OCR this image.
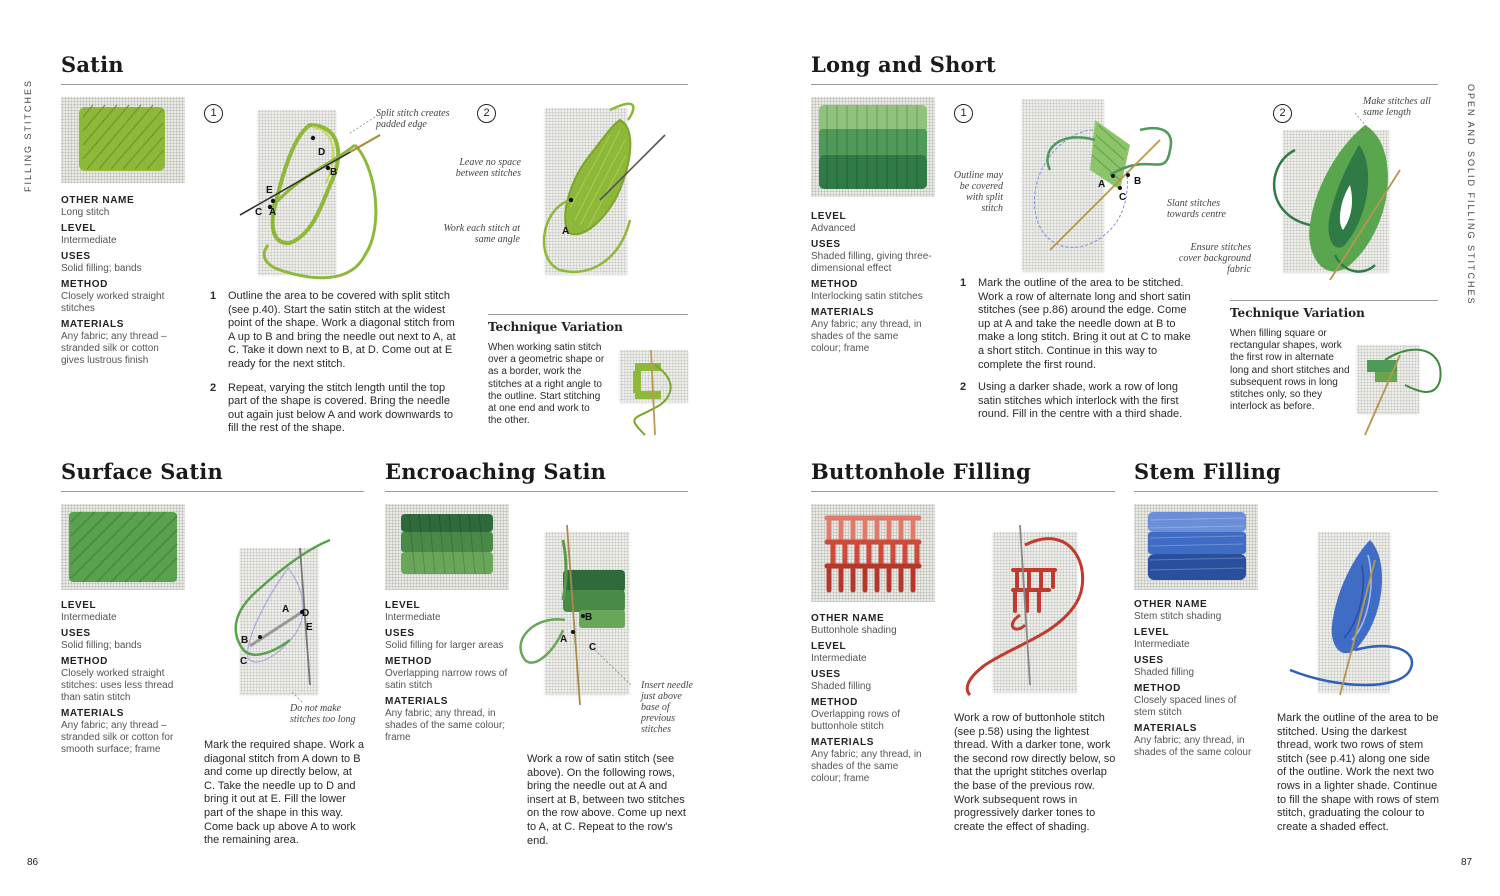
FILLING STITCHES	OPEN AND SOLID FILLING STITCHES
86	87
Satin
OTHER NAME
Long stitch
LEVEL
Intermediate
USES
Solid filling; bands
METHOD
Closely worked straight stitches
MATERIALS
Any fabric; any thread – stranded silk or cotton gives lustrous finish
1
B
D
E
C A
Split stitch creates padded edge
2
A
Leave no space between stitches
Work each stitch at same angle
1	Outline the area to be covered with split stitch (see p.40). Start the satin stitch at the widest point of the shape. Work a diagonal stitch from A up to B and bring the needle out next to A, at C. Take it down next to B, at D. Come out at E ready for the next stitch.
2	Repeat, varying the stitch length until the top part of the shape is covered. Bring the needle out again just below A and work downwards to fill the rest of the shape.
Technique Variation
When working satin stitch over a geometric shape or as a border, work the stitches at a right angle to the outline. Start stitching at one end and work to the other.
Surface Satin
LEVEL
Intermediate
USES
Solid filling; bands
METHOD
Closely worked straight stitches: uses less thread than satin stitch
MATERIALS
Any fabric; any thread – stranded silk or cotton for smooth surface; frame
A D
E
B
C
Do not make stitches too long
Mark the required shape. Work a diagonal stitch from A down to B and come up directly below, at C. Take the needle up to D and bring it out at E. Fill the lower part of the shape in this way. Come back up above A to work the remaining area.
Encroaching Satin
LEVEL
Intermediate
USES
Solid filling for larger areas
METHOD
Overlapping narrow rows of satin stitch
MATERIALS
Any fabric; any thread, in shades of the same colour; frame
B
A
C
Insert needle just above base of previous stitches
Work a row of satin stitch (see above). On the following rows, bring the needle out at A and insert at B, between two stitches on the row above. Come up next to A, at C. Repeat to the row's end.
Long and Short
LEVEL
Advanced
USES
Shaded filling, giving three-dimensional effect
METHOD
Interlocking satin stitches
MATERIALS
Any fabric; any thread, in shades of the same colour; frame
1
A	B
C
Outline may be covered with split stitch	Slant stitches towards centre
2
Make stitches all same length
Ensure stitches cover background fabric
1	Mark the outline of the area to be stitched. Work a row of alternate long and short satin stitches (see p.86) around the edge. Come up at A and take the needle down at B to make a long stitch. Bring it out at C to make a short stitch. Continue in this way to complete the first round.
2	Using a darker shade, work a row of long satin stitches which interlock with the first round. Fill in the centre with a third shade.
Technique Variation
When filling square or rectangular shapes, work the first row in alternate long and short stitches and subsequent rows in long stitches only, so they interlock as before.
Buttonhole Filling
OTHER NAME
Buttonhole shading
LEVEL
Intermediate
USES
Shaded filling
METHOD
Overlapping rows of buttonhole stitch
MATERIALS
Any fabric; any thread, in shades of the same colour; frame
Work a row of buttonhole stitch (see p.58) using the lightest thread. With a darker tone, work the second row directly below, so that the upright stitches overlap the base of the previous row. Work subsequent rows in progressively darker tones to create the effect of shading.
Stem Filling
OTHER NAME
Stem stitch shading
LEVEL
Intermediate
USES
Shaded filling
METHOD
Closely spaced lines of stem stitch
MATERIALS
Any fabric; any thread, in shades of the same colour
Mark the outline of the area to be stitched. Using the darkest thread, work two rows of stem stitch (see p.41) along one side of the outline. Work the next two rows in a lighter shade. Continue to fill the shape with rows of stem stitch, graduating the colour to create a shaded effect.
